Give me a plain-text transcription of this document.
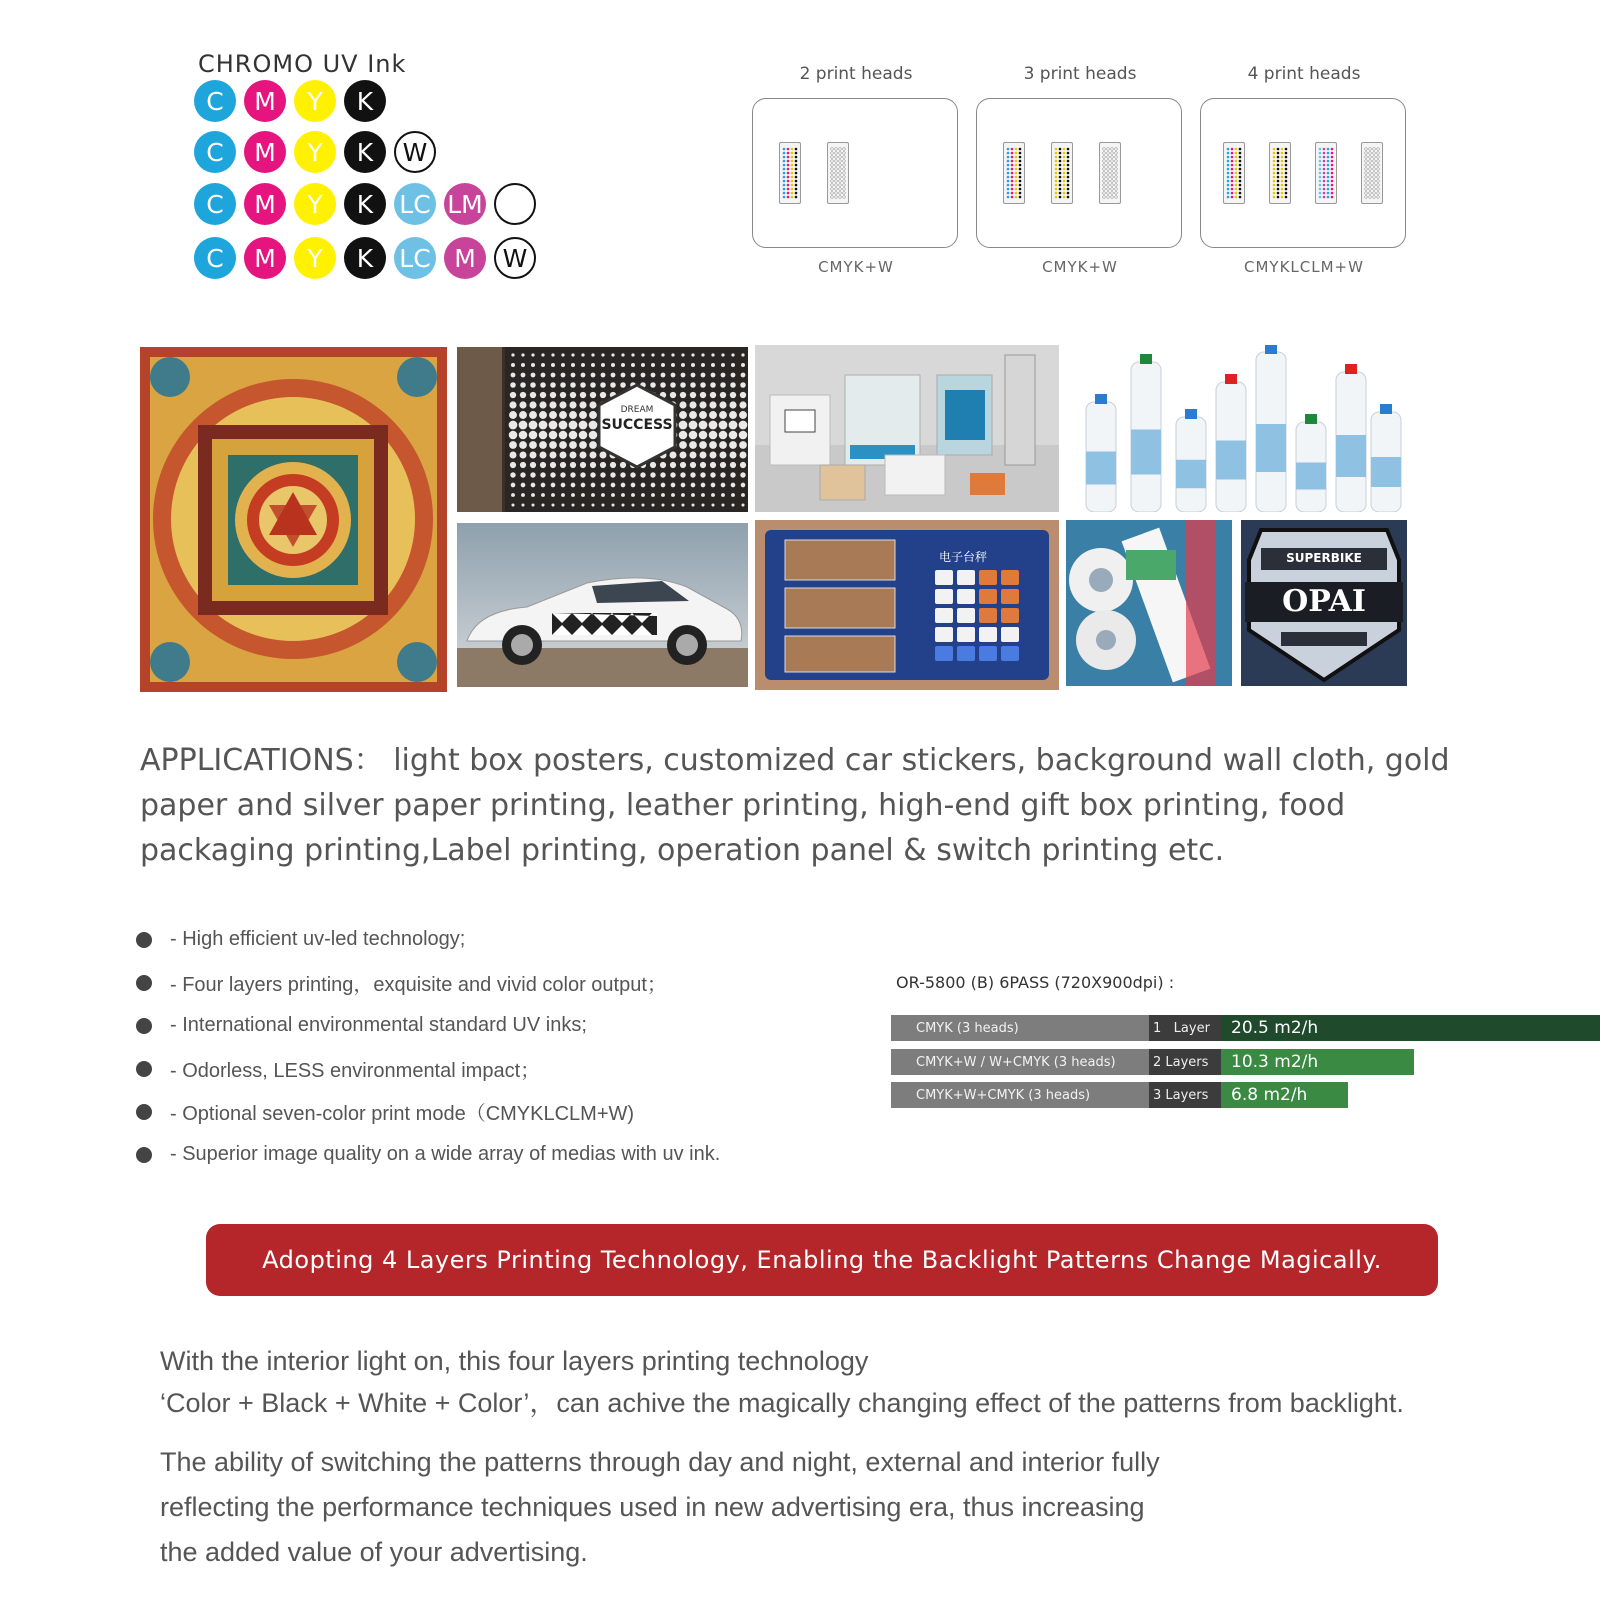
CHROMO UV Ink
C	M	Y	K
C	M	Y	K	W
C	M	Y	K	LC LM
C	M	Y	K	LC M	W
2 print heads
CMYK+W
3 print heads
CMYK+W
4 print heads
CMYKLCLM+W
DREAM
SUCCESS
电子台秤	SUPERBIKE
OPAI
APPLICATIONS： light box posters, customized car stickers, background wall cloth, gold paper and silver paper printing, leather printing, high-end gift box printing, food packaging printing,Label printing, operation panel & switch printing etc.
- High efficient uv-led technology;
- Four layers printing，exquisite and vivid color output；
- International environmental standard UV inks;
- Odorless, LESS environmental impact；
- Optional seven-color print mode（CMYKLCLM+W)
- Superior image quality on a wide array of medias with uv ink.
OR-5800 (B) 6PASS (720X900dpi) :
CMYK (3 heads)	1   Layer	20.5 m2/h
CMYK+W / W+CMYK (3 heads)	2 Layers	10.3 m2/h
CMYK+W+CMYK (3 heads)	3 Layers	6.8 m2/h
Adopting 4 Layers Printing Technology, Enabling the Backlight Patterns Change Magically.

With the interior light on, this four layers printing technology

‘Color + Black + White + Color’，can achive the magically changing effect of the patterns from backlight.

The ability of switching the patterns through day and night, external and interior fully

reflecting the performance techniques used in new advertising era, thus increasing

the added value of your advertising.
